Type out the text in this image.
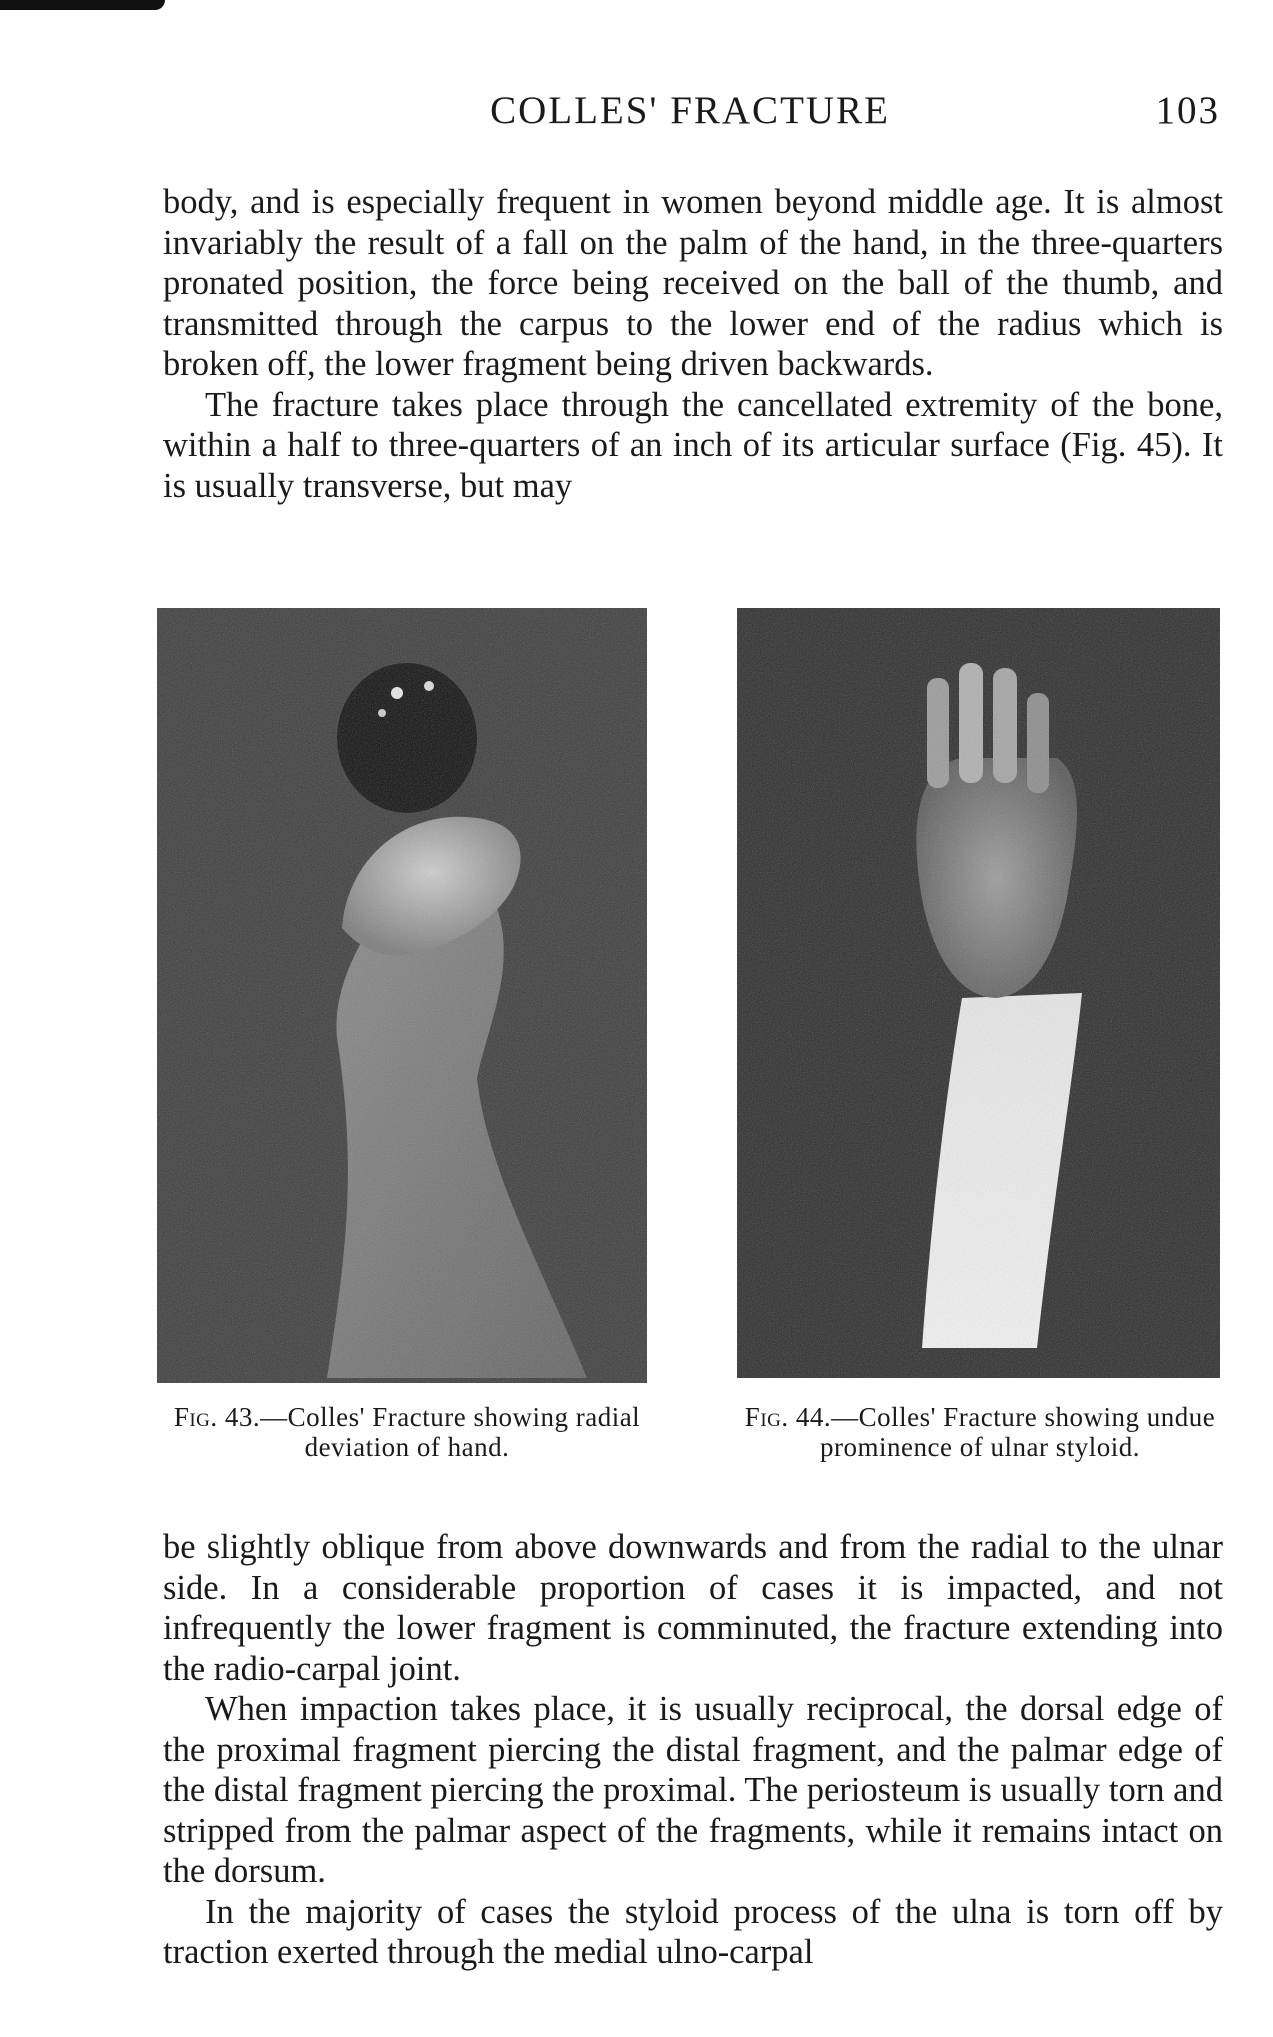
COLLES' FRACTURE	103

body, and is especially frequent in women beyond middle age. It is almost invariably the result of a fall on the palm of the hand, in the three-quarters pronated position, the force being received on the ball of the thumb, and transmitted through the carpus to the lower end of the radius which is broken off, the lower fragment being driven backwards.

The fracture takes place through the cancellated extremity of the bone, within a half to three-quarters of an inch of its articular surface (Fig. 45). It is usually transverse, but may

Fig. 43.—Colles' Fracture showing radial deviation of hand.
Fig. 44.—Colles' Fracture showing undue prominence of ulnar styloid.

be slightly oblique from above downwards and from the radial to the ulnar side. In a considerable proportion of cases it is impacted, and not infrequently the lower fragment is comminuted, the fracture extending into the radio-carpal joint.

When impaction takes place, it is usually reciprocal, the dorsal edge of the proximal fragment piercing the distal fragment, and the palmar edge of the distal fragment piercing the proximal. The periosteum is usually torn and stripped from the palmar aspect of the fragments, while it remains intact on the dorsum.

In the majority of cases the styloid process of the ulna is torn off by traction exerted through the medial ulno-carpal
